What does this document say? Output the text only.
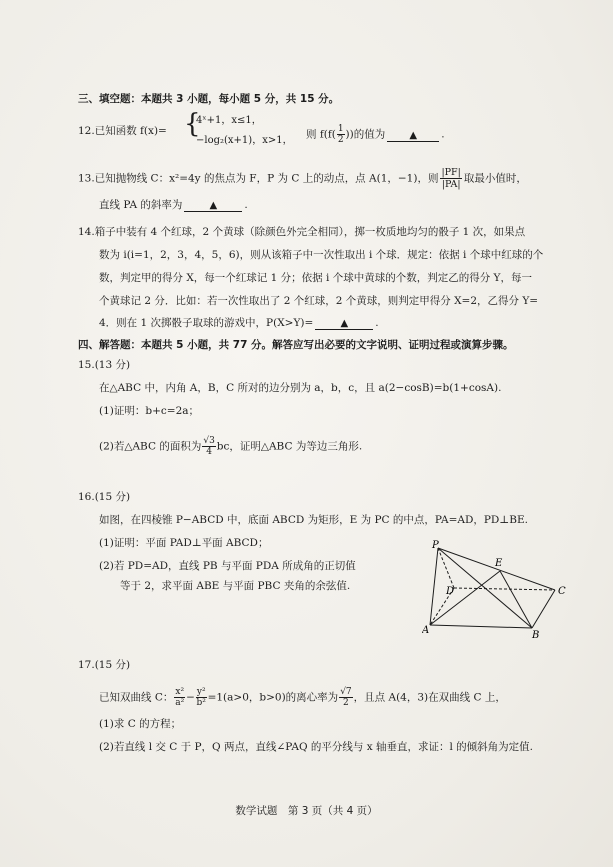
三、填空题：本题共 3 小题，每小题 5 分，共 15 分。
12.已知函数 f(x)= {
4ˣ+1，x≤1，
−log₂(x+1)，x>1， 则 $f(f( \frac{1}{2}$ ))的值为 ▲ .
13.已知抛物线 C：x²=4y 的焦点为 F，P 为 C 上的动点，点 A(1，−1)，则 $\frac{|PF|}{|PA|}$ 取最小值时，
直线 PA 的斜率为	▲	.
14.箱子中装有 4 个红球，2 个黄球（除颜色外完全相同），掷一枚质地均匀的骰子 1 次，如果点
数为 i(i=1，2，3，4，5，6)，则从该箱子中一次性取出 i 个球．规定：依据 i 个球中红球的个
数，判定甲的得分 X，每一个红球记 1 分；依据 i 个球中黄球的个数，判定乙的得分 Y，每一
个黄球记 2 分．比如：若一次性取出了 2 个红球，2 个黄球，则判定甲得分 X=2，乙得分 Y=
4．则在 1 次掷骰子取球的游戏中，P(X>Y)=	▲	.
四、解答题：本题共 5 小题，共 77 分。解答应写出必要的文字说明、证明过程或演算步骤。
15.(13 分)
在△ABC 中，内角 A，B，C 所对的边分别为 a，b，c，且 a(2−cosB)=b(1+cosA).
(1)证明：b+c=2a；
(2)若△ABC 的面积为 $\frac{√3}{4}$ bc，证明△ABC 为等边三角形.
16.(15 分)
如图，在四棱锥 P−ABCD 中，底面 ABCD 为矩形，E 为 PC 的中点，PA=AD，PD⊥BE.
(1)证明：平面 PAD⊥平面 ABCD；
(2)若 PD=AD，直线 PB 与平面 PDA 所成角的正切值
等于 2，求平面 ABE 与平面 PBC 夹角的余弦值.
P
E
D	C
A	B
17.(15 分)
已知双曲线 C： $\frac{\text{x²}}{\text{a²}} - \frac{\text{y²}}{\text{b²}} =1(a>0$，b>0)的离心率为 $\frac{√7}{2}$ ，且点 A(4，3)在双曲线 C 上，
(1)求 C 的方程；
(2)若直线 l 交 C 于 P，Q 两点，直线∠PAQ 的平分线与 x 轴垂直，求证：l 的倾斜角为定值.
数学试题　第 3 页（共 4 页）
